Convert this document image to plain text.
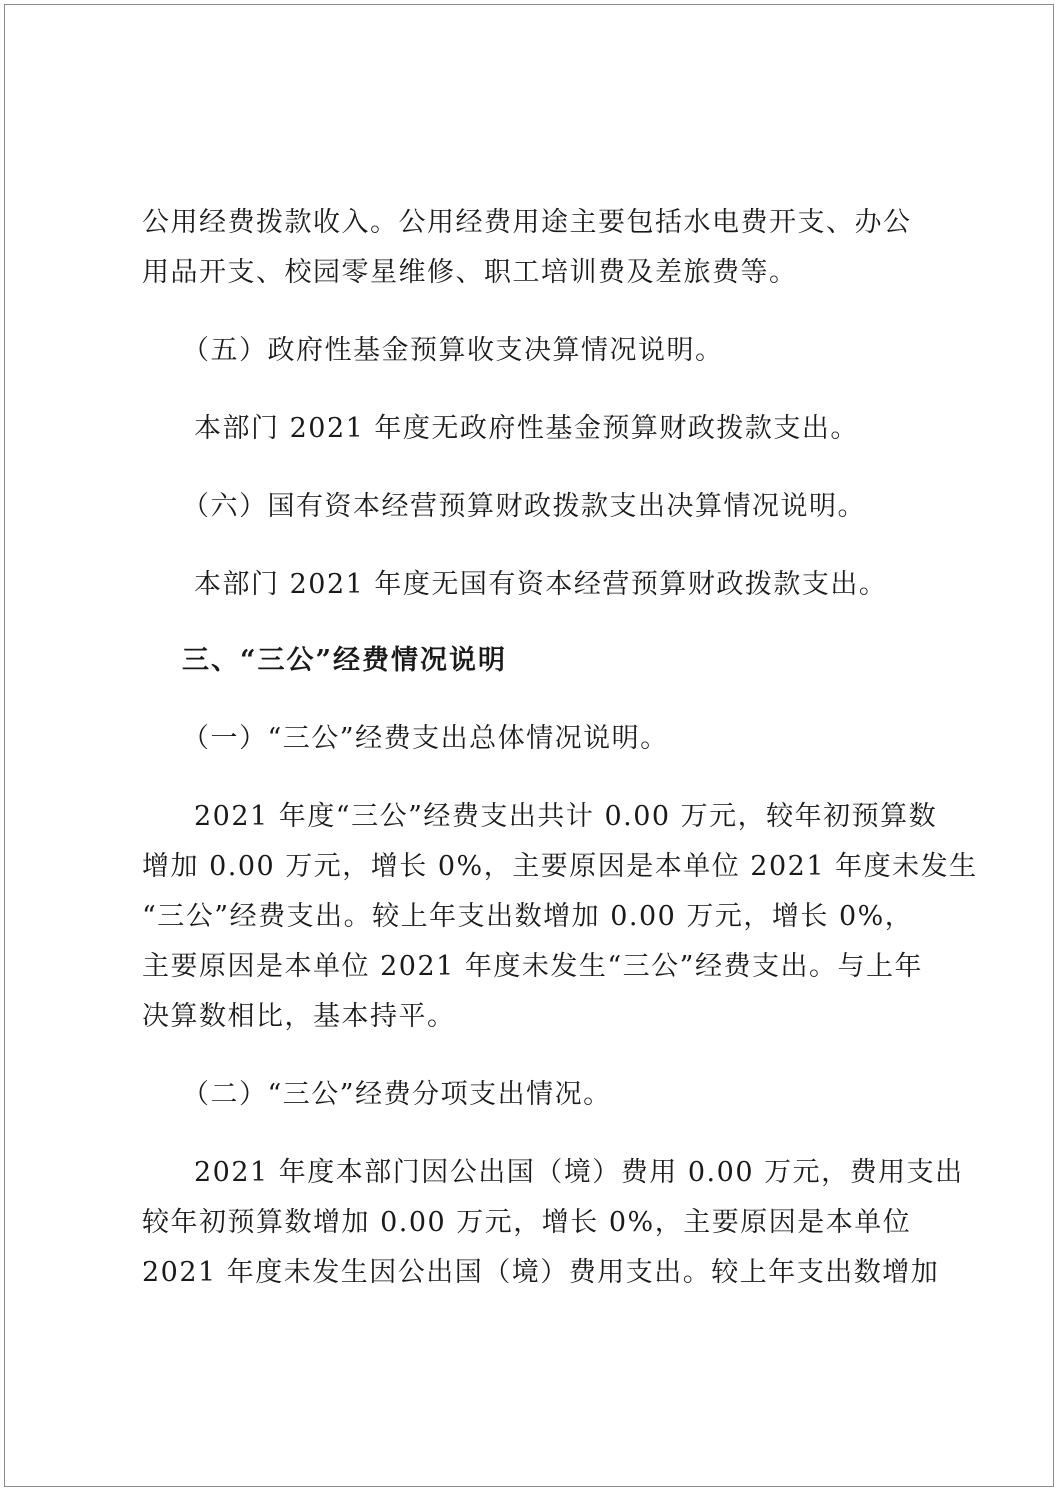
公用经费拨款收入。公用经费用途主要包括水电费开支、办公
用品开支、校园零星维修、职工培训费及差旅费等。
（五）政府性基金预算收支决算情况说明。
本部门 2021 年度无政府性基金预算财政拨款支出。
（六）国有资本经营预算财政拨款支出决算情况说明。
本部门 2021 年度无国有资本经营预算财政拨款支出。
三、“三公”经费情况说明
（一）“三公”经费支出总体情况说明。
2021 年度“三公”经费支出共计 0.00 万元，较年初预算数
增加 0.00 万元，增长 0%，主要原因是本单位 2021 年度未发生
“三公”经费支出。较上年支出数增加 0.00 万元，增长 0%，
主要原因是本单位 2021 年度未发生“三公”经费支出。与上年
决算数相比，基本持平。
（二）“三公”经费分项支出情况。
2021 年度本部门因公出国（境）费用 0.00 万元，费用支出
较年初预算数增加 0.00 万元，增长 0%，主要原因是本单位
2021 年度未发生因公出国（境）费用支出。较上年支出数增加
